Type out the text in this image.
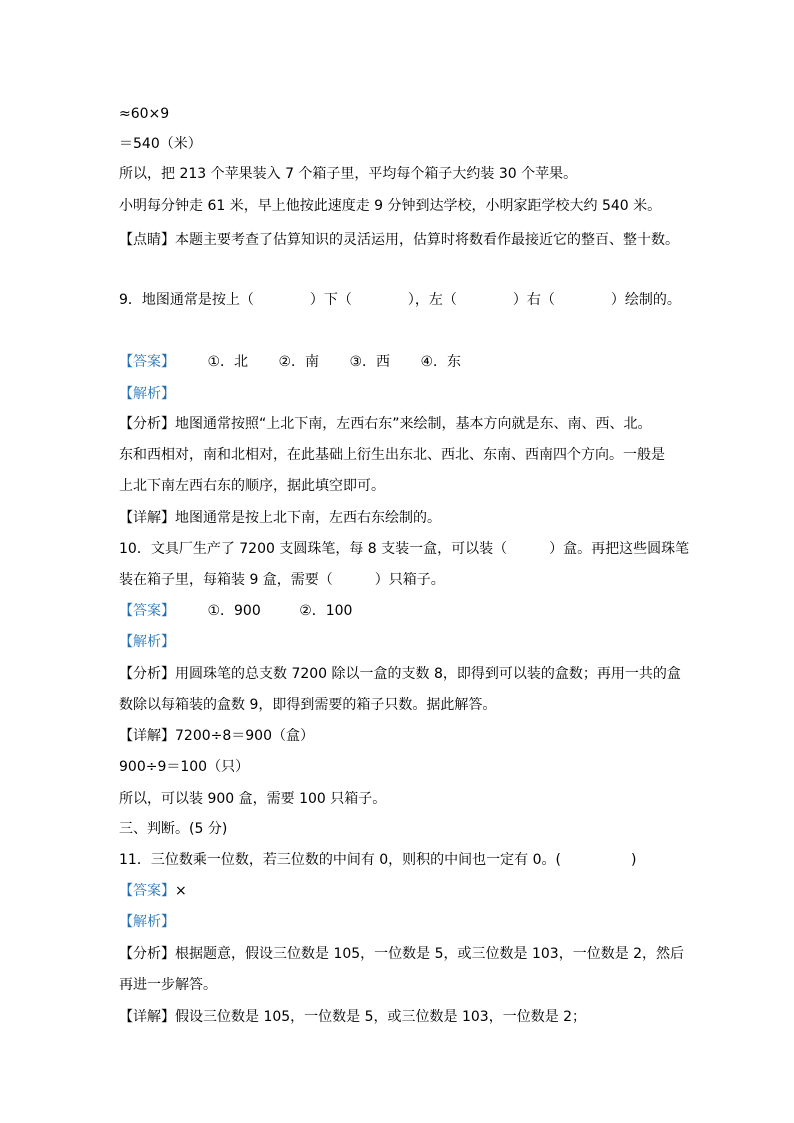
≈60×9
＝540（米）
所以，把 213 个苹果装入 7 个箱子里，平均每个箱子大约装 30 个苹果。
小明每分钟走 61 米，早上他按此速度走 9 分钟到达学校，小明家距学校大约 540 米。
【点睛】本题主要考查了估算知识的灵活运用，估算时将数看作最接近它的整百、整十数。
9．地图通常是按上（　　　　）下（　　　　），左（　　　　）右（　　　　）绘制的。
【答案】 ①．北 ②．南 ③．西 ④．东
【解析】
【分析】地图通常按照“上北下南，左西右东”来绘制，基本方向就是东、南、西、北。
东和西相对，南和北相对，在此基础上衍生出东北、西北、东南、西南四个方向。一般是
上北下南左西右东的顺序，据此填空即可。
【详解】地图通常是按上北下南，左西右东绘制的。
10．文具厂生产了 7200 支圆珠笔，每 8 支装一盒，可以装（　　　）盒。再把这些圆珠笔
装在箱子里，每箱装 9 盒，需要（　　　）只箱子。
【答案】 ①．900	②．100
【解析】
【分析】用圆珠笔的总支数 7200 除以一盒的支数 8，即得到可以装的盒数；再用一共的盒
数除以每箱装的盒数 9，即得到需要的箱子只数。据此解答。
【详解】7200÷8＝900（盒）
900÷9＝100（只）
所以，可以装 900 盒，需要 100 只箱子。
三、判断。(5 分)
11．三位数乘一位数，若三位数的中间有 0，则积的中间也一定有 0。(　　　　　)
【答案】×
【解析】
【分析】根据题意，假设三位数是 105，一位数是 5，或三位数是 103，一位数是 2，然后
再进一步解答。
【详解】假设三位数是 105，一位数是 5，或三位数是 103，一位数是 2；
